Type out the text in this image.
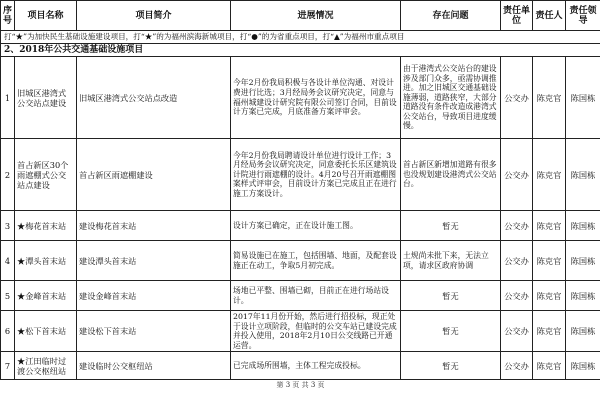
序号	项目名称	项目简介	进展情况	存在问题	责任单位	责任人	责任领导
打“★”为加快民生基础设施建设项目，打“★”的为福州滨海新城项目，打“●”的为省重点项目，打“▲”为福州市重点项目							
2、2018年公共交通基础设施项目							
1	旧城区港湾式公交站点建设	旧城区港湾式公交站点改造	今年2月份我局积极与各设计单位沟通、对设计费进行比选；3月经局务会议研究决定，同意与福州城建设计研究院有限公司签订合同，目前设计方案已完成，月底准备方案评审会。	由于港湾式公交站台的建设涉及部门众多，亟需协调推进。加之旧城区交通基础设施薄弱，道路狭窄，大部分道路没有条件改造成港湾式公交站台，导致项目进度缓慢。	公交办	陈克官	陈国栋
2	首占新区30个雨遮棚式公交站点建设	首占新区雨遮棚建设	今年2月份我局聘请设计单位进行设计工作；3月经局务会议研究决定，同意委托长乐区建筑设计院进行雨遮棚的设计。4月20号召开雨遮棚图案样式评审会，目前设计方案已完成且正在进行施工方案设计。	首占新区新增加道路有很多也没规划建设港湾式公交站台。	公交办	陈克官	陈国栋
3	★梅花首末站	建设梅花首末站	设计方案已确定，正在设计施工图。	暂无	公交办	陈克官	陈国栋
4	★潭头首末站	建设潭头首末站	简易设施已在施工，包括围墙、地面，及配套设施正在动工，争取5月初完成。	土规尚未批下来，无法立项，请求区政府协调	公交办	陈克官	陈国栋
5	★金峰首末站	建设金峰首末站	场地已平整、围墙已砌，目前正在进行场站设计。	暂无	公交办	陈克官	陈国栋
6	★松下首末站	建设松下首末站	2017年11月份开始，然后进行招投标，现正处于设计立项阶段，但临时的公交车站已建设完成并投入使用，2018年2月10日公交线路已开通运营。	暂无	公交办	陈克官	陈国栋
7	★江田临时过渡公交枢纽站	建设临时公交枢纽站	已完成场所围墙，主体工程完成投标。	暂无	公交办	陈克官	陈国栋
第 3 页 共 3 页							
